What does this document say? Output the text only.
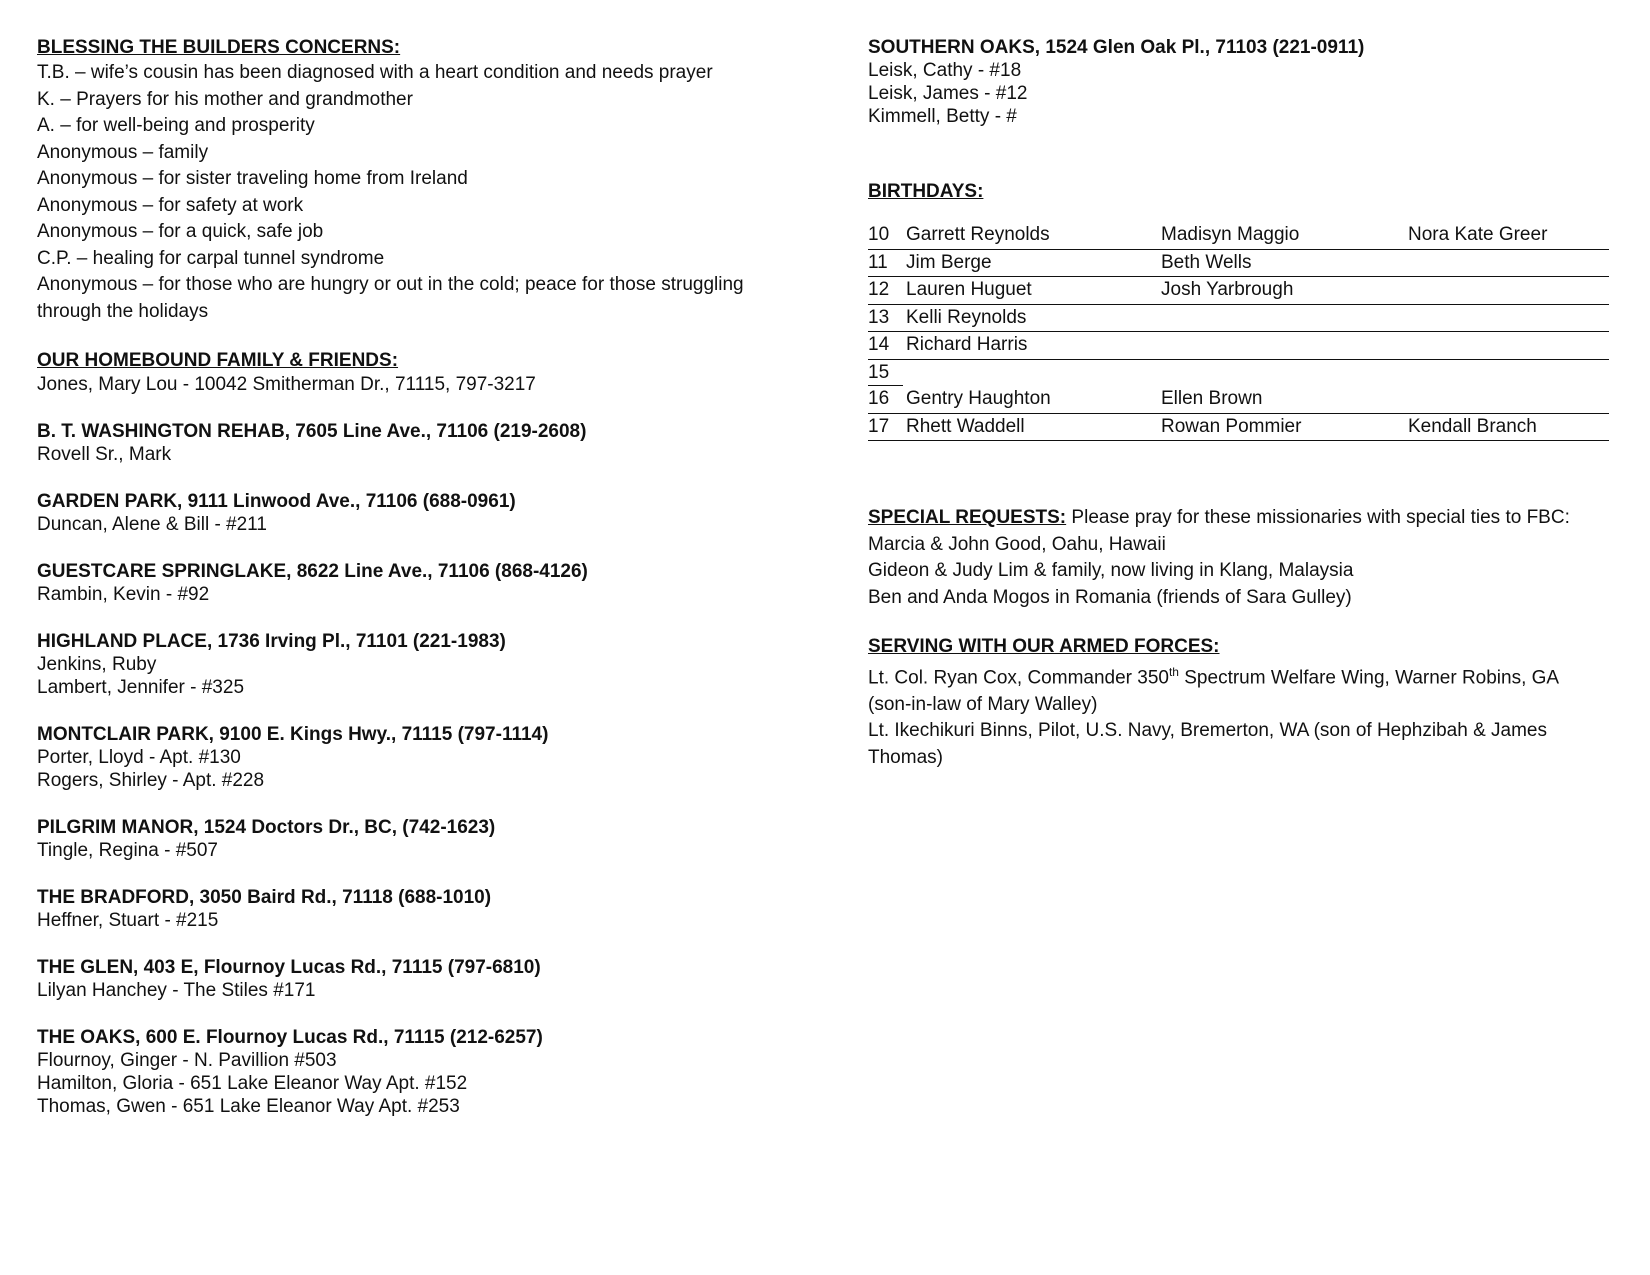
BLESSING THE BUILDERS CONCERNS:
T.B. – wife’s cousin has been diagnosed with a heart condition and needs prayer
K. – Prayers for his mother and grandmother
A. – for well-being and prosperity
Anonymous – family
Anonymous – for sister traveling home from Ireland
Anonymous – for safety at work
Anonymous – for a quick, safe job
C.P. – healing for carpal tunnel syndrome
Anonymous – for those who are hungry or out in the cold; peace for those struggling through the holidays
OUR HOMEBOUND FAMILY & FRIENDS:
Jones, Mary Lou - 10042 Smitherman Dr., 71115, 797-3217
B. T. WASHINGTON REHAB, 7605 Line Ave., 71106 (219-2608)
Rovell Sr., Mark
GARDEN PARK, 9111 Linwood Ave., 71106 (688-0961)
Duncan, Alene & Bill - #211
GUESTCARE SPRINGLAKE, 8622 Line Ave., 71106 (868-4126)
Rambin, Kevin - #92
HIGHLAND PLACE, 1736 Irving Pl., 71101 (221-1983)
Jenkins, Ruby
Lambert, Jennifer - #325
MONTCLAIR PARK, 9100 E. Kings Hwy., 71115 (797-1114)
Porter, Lloyd - Apt. #130
Rogers, Shirley - Apt. #228
PILGRIM MANOR, 1524 Doctors Dr., BC, (742-1623)
Tingle, Regina - #507
THE BRADFORD, 3050 Baird Rd., 71118 (688-1010)
Heffner, Stuart - #215
THE GLEN, 403 E, Flournoy Lucas Rd., 71115 (797-6810)
Lilyan Hanchey - The Stiles #171
THE OAKS, 600 E. Flournoy Lucas Rd., 71115 (212-6257)
Flournoy, Ginger - N. Pavillion #503
Hamilton, Gloria - 651 Lake Eleanor Way Apt. #152
Thomas, Gwen - 651 Lake Eleanor Way Apt. #253
SOUTHERN OAKS, 1524 Glen Oak Pl., 71103 (221-0911)
Leisk, Cathy - #18
Leisk, James - #12
Kimmell, Betty - #
BIRTHDAYS:
10 Garrett Reynolds	Madisyn Maggio	Nora Kate Greer
11 Jim Berge	Beth Wells
12 Lauren Huguet	Josh Yarbrough
13 Kelli Reynolds
14 Richard Harris
15
16 Gentry Haughton	Ellen Brown
17 Rhett Waddell	Rowan Pommier	Kendall Branch
SPECIAL REQUESTS: Please pray for these missionaries with special ties to FBC:
Marcia & John Good, Oahu, Hawaii
Gideon & Judy Lim & family, now living in Klang, Malaysia
Ben and Anda Mogos in Romania (friends of Sara Gulley)
SERVING WITH OUR ARMED FORCES:
Lt. Col. Ryan Cox, Commander 350th Spectrum Welfare Wing, Warner Robins, GA (son-in-law of Mary Walley)
Lt. Ikechikuri Binns, Pilot, U.S. Navy, Bremerton, WA (son of Hephzibah & James Thomas)
